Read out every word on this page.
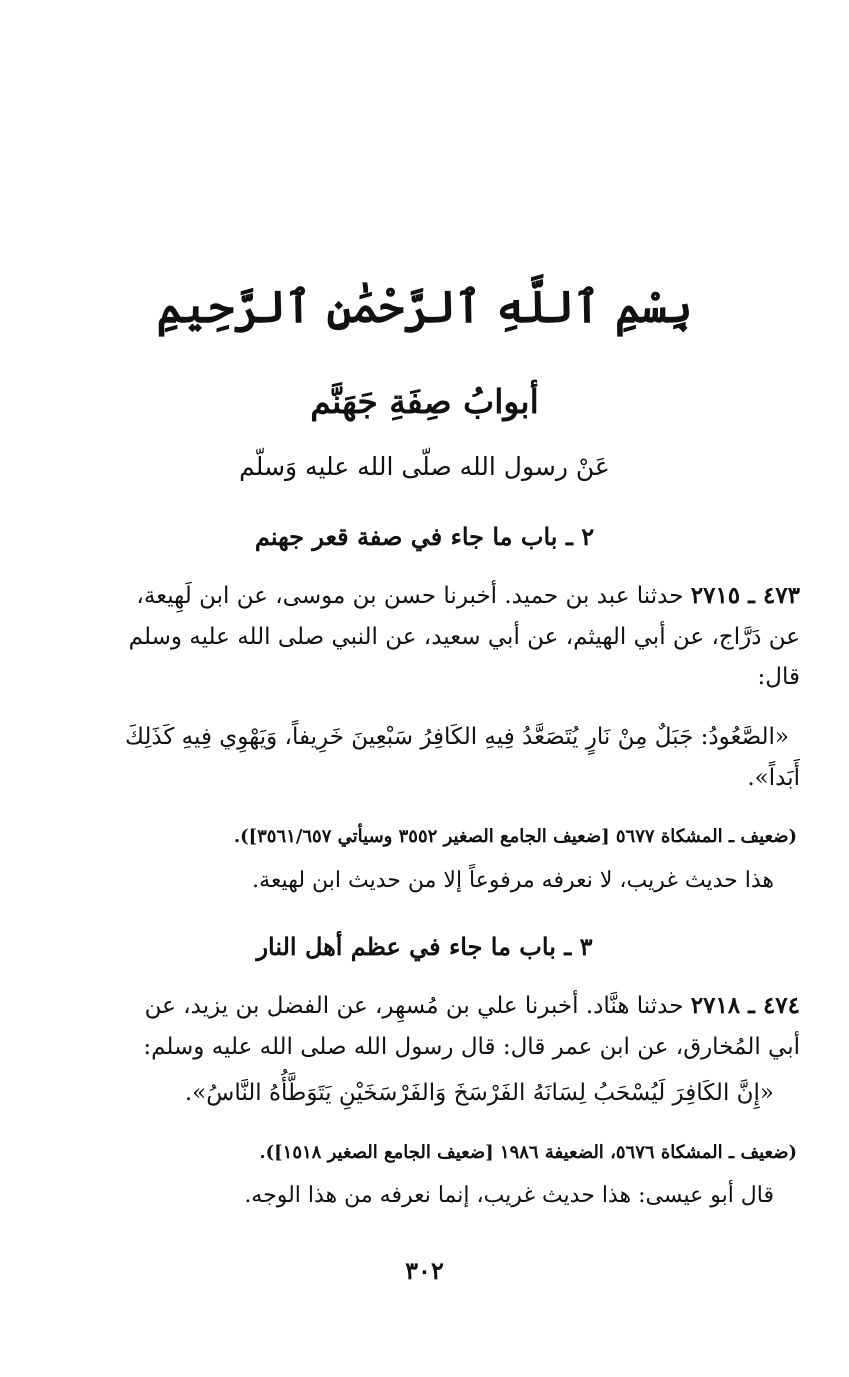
بِسْمِ ٱللَّهِ ٱلرَّحْمَٰنِ ٱلرَّحِيمِ
أبوابُ صِفَةِ جَهَنَّم
عَنْ رسول الله صلّى الله عليه وَسلّم
٢ ـ باب ما جاء في صفة قعر جهنم
٤٧٣ ـ ٢٧١٥ حدثنا عبد بن حميد. أخبرنا حسن بن موسى، عن ابن لَهِيعة،
عن دَرَّاج، عن أبي الهيثم، عن أبي سعيد، عن النبي صلى الله عليه وسلم
قال:
«الصَّعُودُ: جَبَلٌ مِنْ نَارٍ يُتَصَعَّدُ فِيهِ الكَافِرُ سَبْعِينَ خَرِيفاً، وَيَهْوِي فِيهِ كَذَلِكَ
أَبَداً».
(ضعيف ـ المشكاة ٥٦٧٧ [ضعيف الجامع الصغير ٣٥٥٢ وسيأتي ٣٥٦١/٦٥٧]).
هذا حديث غريب، لا نعرفه مرفوعاً إلا من حديث ابن لهيعة.
٣ ـ باب ما جاء في عظم أهل النار
٤٧٤ ـ ٢٧١٨ حدثنا هنَّاد. أخبرنا علي بن مُسهِر، عن الفضل بن يزيد، عن
أبي المُخارق، عن ابن عمر قال: قال رسول الله صلى الله عليه وسلم:
«إِنَّ الكَافِرَ لَيُسْحَبُ لِسَانَهُ الفَرْسَخَ وَالفَرْسَخَيْنِ يَتَوَطَّأُهُ النَّاسُ».
(ضعيف ـ المشكاة ٥٦٧٦، الضعيفة ١٩٨٦ [ضعيف الجامع الصغير ١٥١٨]).
قال أبو عيسى: هذا حديث غريب، إنما نعرفه من هذا الوجه.
٣٠٢
